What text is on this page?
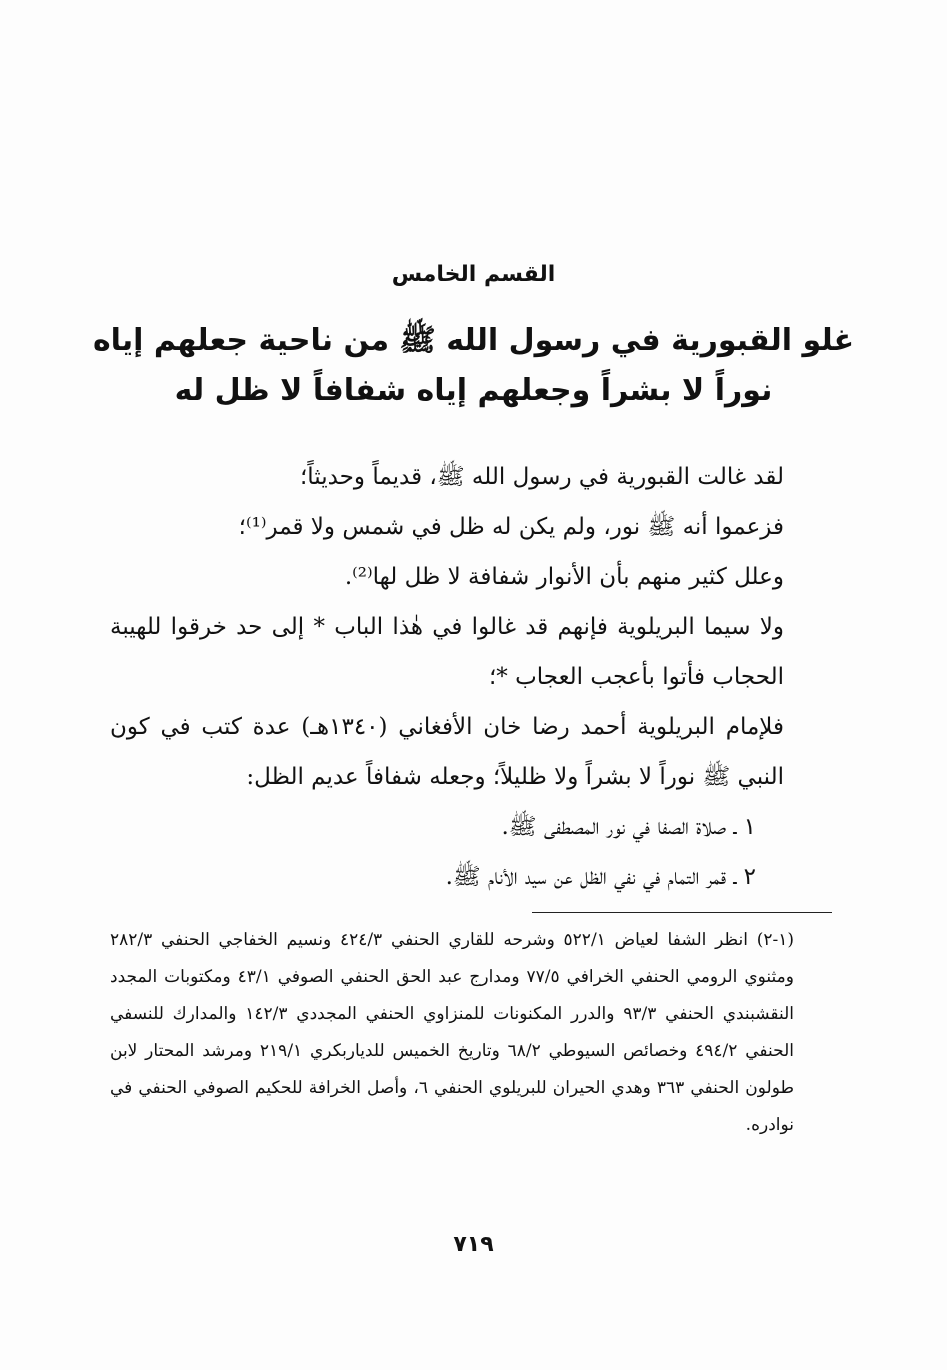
القسم الخامس
غلو القبورية في رسول الله ﷺ من ناحية جعلهم إياه نوراً لا بشراً وجعلهم إياه شفافاً لا ظل له

لقد غالت القبورية في رسول الله ﷺ، قديماً وحديثاً؛

فزعموا أنه ﷺ نور، ولم يكن له ظل في شمس ولا قمر⁽¹⁾؛

وعلل كثير منهم بأن الأنوار شفافة لا ظل لها⁽²⁾.

ولا سيما البريلوية فإنهم قد غالوا في هٰذا الباب * إلى حد خرقوا للهيبة الحجاب فأتوا بأعجب العجاب *؛

فلإمام البريلوية أحمد رضا خان الأفغاني (١٣٤٠هـ) عدة كتب في كون النبي ﷺ نوراً لا بشراً ولا ظليلاً؛ وجعله شفافاً عديم الظل:

١ ـ صلاة الصفا في نور المصطفى ﷺ.

٢ ـ قمر التمام في نفي الظل عن سيد الأنام ﷺ.

(١-٢) انظر الشفا لعياض ٥٢٢/١ وشرحه للقاري الحنفي ٤٢٤/٣ ونسيم الخفاجي الحنفي ٢٨٢/٣ ومثنوي الرومي الحنفي الخرافي ٧٧/٥ ومدارج عبد الحق الحنفي الصوفي ٤٣/١ ومكتوبات المجدد النقشبندي الحنفي ٩٣/٣ والدرر المكنونات للمنزاوي الحنفي المجددي ١٤٢/٣ والمدارك للنسفي الحنفي ٤٩٤/٢ وخصائص السيوطي ٦٨/٢ وتاريخ الخميس للدياربكري ٢١٩/١ ومرشد المحتار لابن طولون الحنفي ٣٦٣ وهدي الحيران للبريلوي الحنفي ٦، وأصل الخرافة للحكيم الصوفي الحنفي في نوادره.

٧١٩
